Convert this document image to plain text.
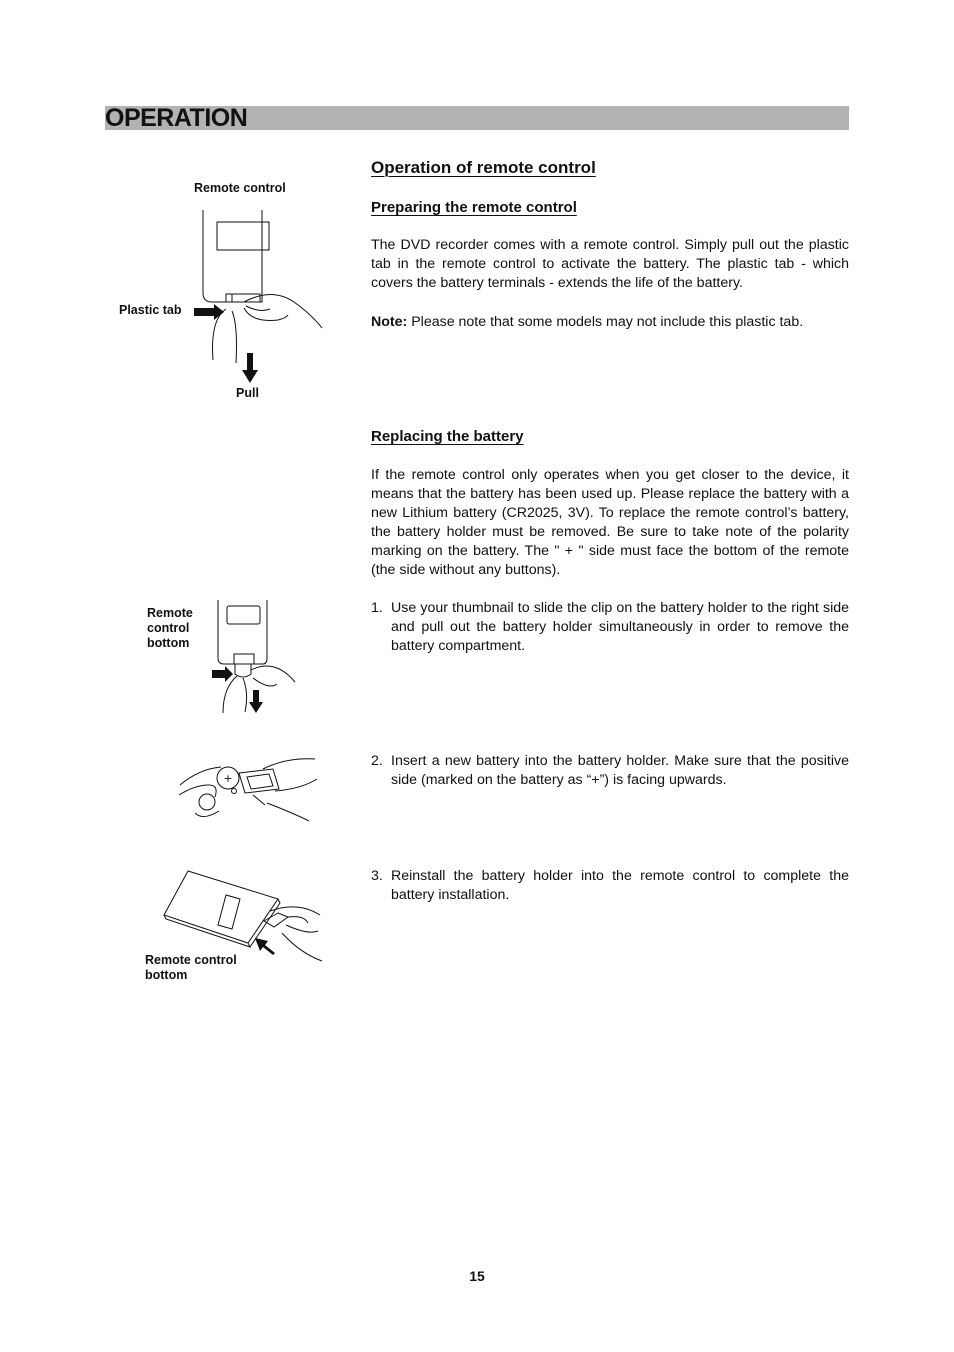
OPERATION
Operation of remote control
Preparing the remote control
The DVD recorder comes with a remote control. Simply pull out the plastic tab in the remote control to activate the battery. The plastic tab - which covers the battery terminals - extends the life of the battery.
Note: Please note that some models may not include this plastic tab.
Replacing the battery
If the remote control only operates when you get closer to the device, it means that the battery has been used up. Please replace the battery with a new Lithium battery (CR2025, 3V). To replace the remote control’s battery, the battery holder must be removed. Be sure to take note of the polarity marking on the battery. The " + " side must face the bottom of the remote (the side without any buttons).
1. Use your thumbnail to slide the clip on the battery holder to the right side and pull out the battery holder simultaneously in order to remove the battery compartment.
2. Insert a new battery into the battery holder. Make sure that the positive side (marked on the battery as “+”) is facing upwards.
3. Reinstall the battery holder into the remote control to complete the battery installation.
Remote control
Plastic tab
Pull
Remote
control
bottom
+
Remote control
bottom
15
